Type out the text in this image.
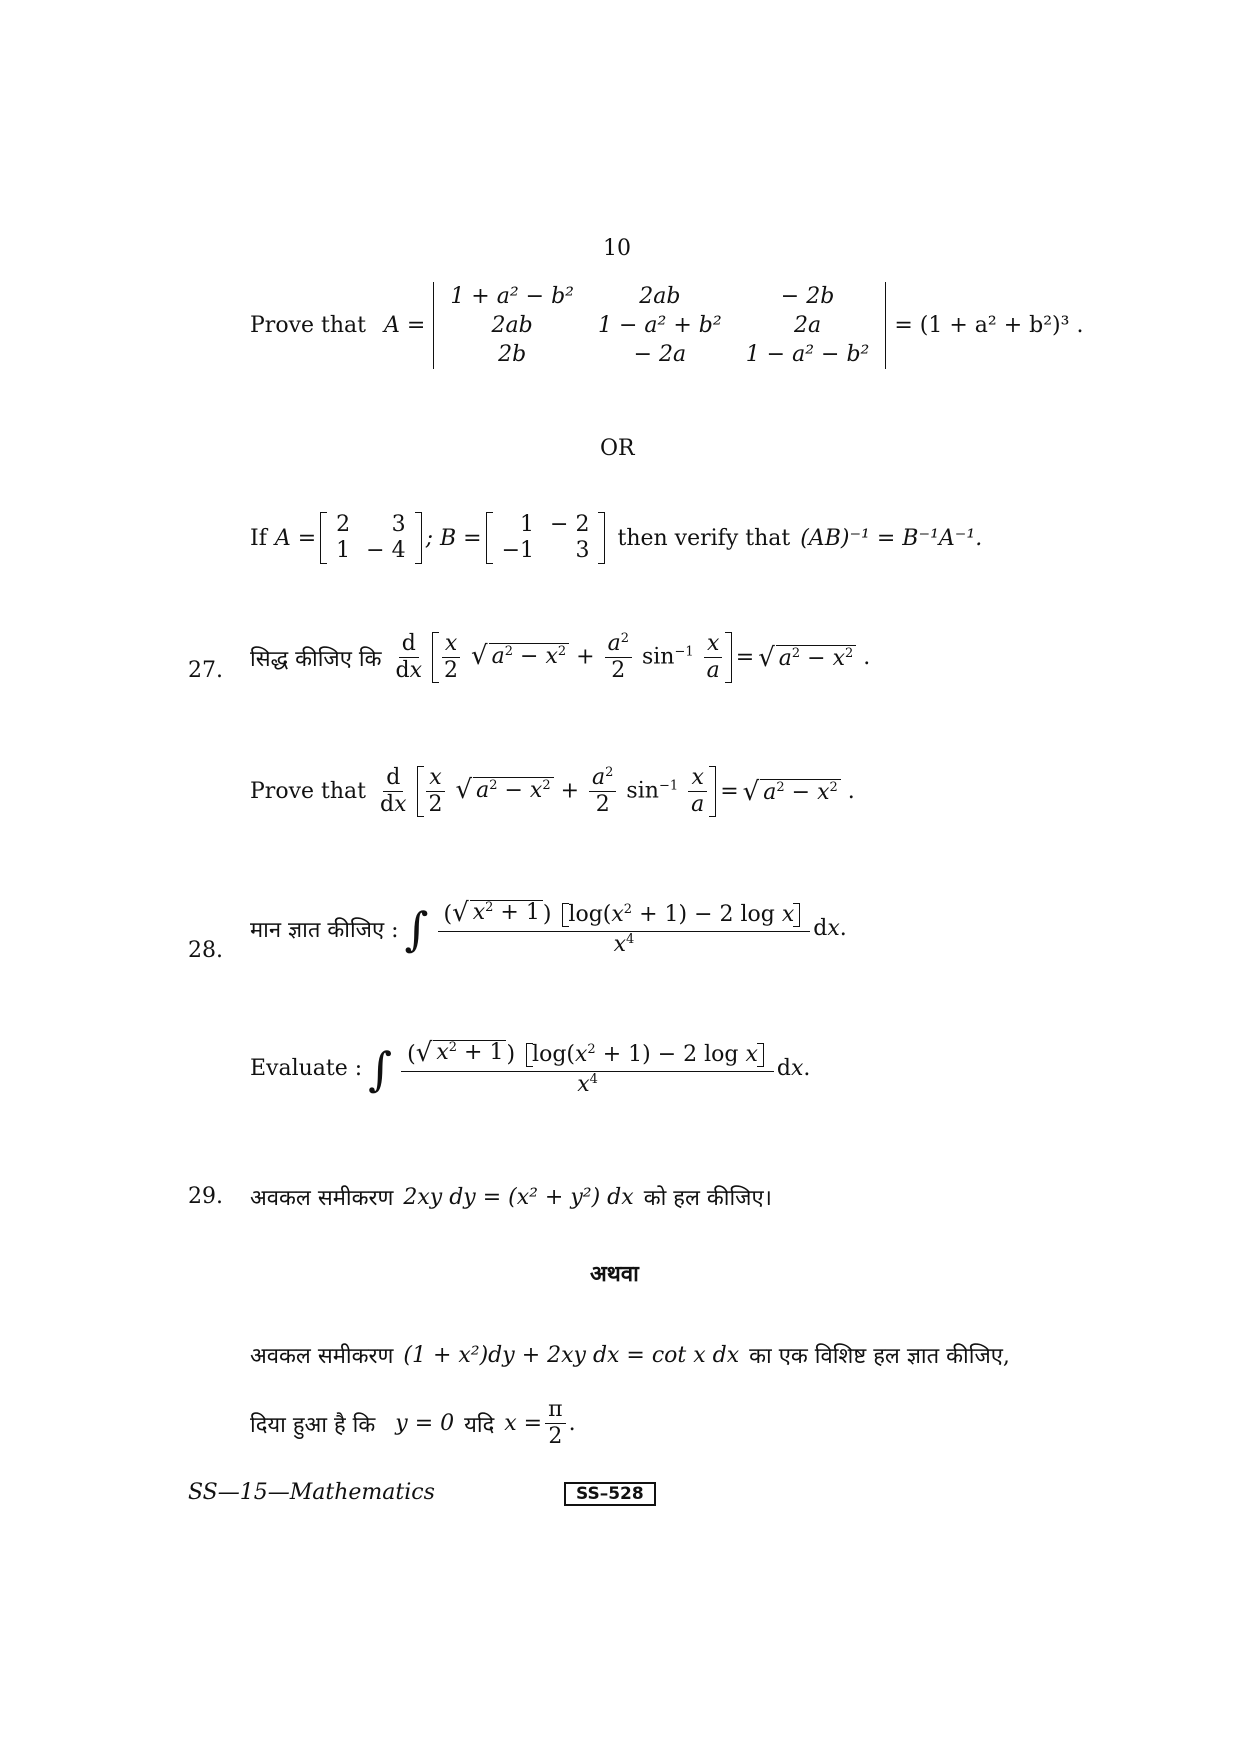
10
Prove that A =
1 + a² − b²	2ab	− 2b
2ab	1 − a² + b²	2a
2b	− 2a	1 − a² − b²
= (1 + a² + b²)³ .
OR
If A =
2	3
1	− 4 ; B =
1	− 2
−1	3 then verify that (AB)⁻¹ = B⁻¹A⁻¹.
27. सिद्ध कीजिए कि $\frac{d}{dx} \frac{x}{2}$
√ $a^2 - x^2 + \frac{a^2}{2} \sin^{-1} \frac{x}{a}$ = √ $a^2 - x^2$ .
Prove that $\frac{d}{dx} \frac{x}{2}$
√ $a^2 - x^2 + \frac{a^2}{2} \sin^{-1} \frac{x}{a}$ = √ $a^2 - x^2$ .
28.
मान ज्ञात कीजिए : ∫ $\frac{( √ x^2 + 1 ) \log(x^2 + 1) - 2 \log x}{x^4}$ d x .
Evaluate : ∫ $\frac{( √ x^2 + 1 ) \log(x^2 + 1) - 2 \log x}{x^4}$ d x .
29. अवकल समीकरण 2xy dy = (x² + y²) dx को हल कीजिए।
अथवा
अवकल समीकरण (1 + x²)dy + 2xy dx = cot x dx का एक विशिष्ट हल ज्ञात कीजिए,
दिया हुआ है कि y = 0 यदि $x = \frac{\pi}{2}$ .
SS—15—Mathematics	SS–528
